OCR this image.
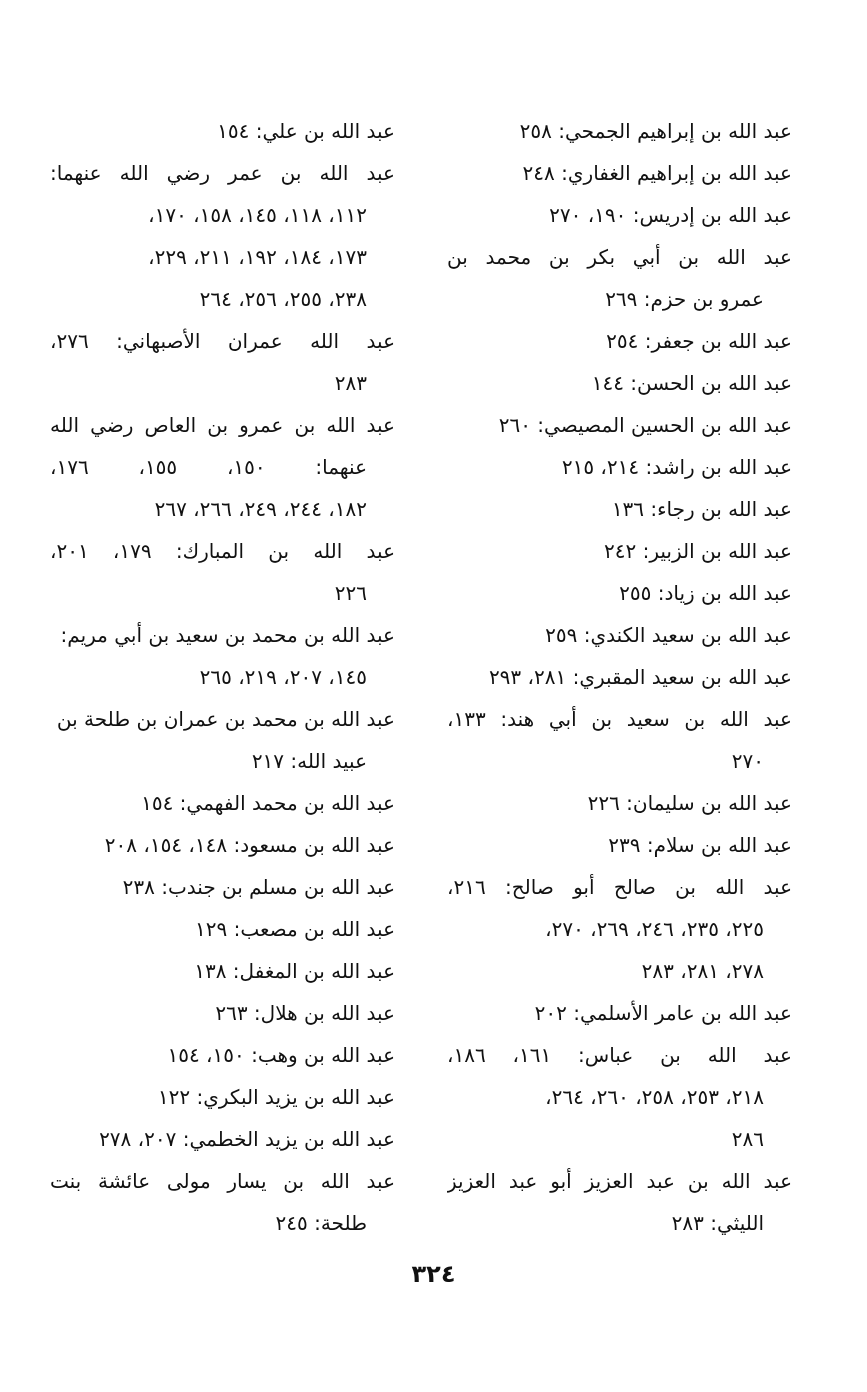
عبد الله بن إبراهيم الجمحي: ٢٥٨
عبد الله بن إبراهيم الغفاري: ٢٤٨
عبد الله بن إدريس: ١٩٠، ٢٧٠
عبد الله بن أبي بكر بن محمد بن
عمرو بن حزم: ٢٦٩
عبد الله بن جعفر: ٢٥٤
عبد الله بن الحسن: ١٤٤
عبد الله بن الحسين المصيصي: ٢٦٠
عبد الله بن راشد: ٢١٤، ٢١٥
عبد الله بن رجاء: ١٣٦
عبد الله بن الزبير: ٢٤٢
عبد الله بن زياد: ٢٥٥
عبد الله بن سعيد الكندي: ٢٥٩
عبد الله بن سعيد المقبري: ٢٨١، ٢٩٣
عبد الله بن سعيد بن أبي هند: ١٣٣،
٢٧٠
عبد الله بن سليمان: ٢٢٦
عبد الله بن سلام: ٢٣٩
عبد الله بن صالح أبو صالح: ٢١٦،
٢٢٥، ٢٣٥، ٢٤٦، ٢٦٩، ٢٧٠،
٢٧٨، ٢٨١، ٢٨٣
عبد الله بن عامر الأسلمي: ٢٠٢
عبد الله بن عباس: ١٦١، ١٨٦،
٢١٨، ٢٥٣، ٢٥٨، ٢٦٠، ٢٦٤،
٢٨٦
عبد الله بن عبد العزيز أبو عبد العزيز
الليثي: ٢٨٣
عبد الله بن علي: ١٥٤
عبد الله بن عمر رضي الله عنهما:
١١٢، ١١٨، ١٤٥، ١٥٨، ١٧٠،
١٧٣، ١٨٤، ١٩٢، ٢١١، ٢٢٩،
٢٣٨، ٢٥٥، ٢٥٦، ٢٦٤
عبد الله عمران الأصبهاني: ٢٧٦،
٢٨٣
عبد الله بن عمرو بن العاص رضي الله
عنهما: ١٥٠، ١٥٥، ١٧٦،
١٨٢، ٢٤٤، ٢٤٩، ٢٦٦، ٢٦٧
عبد الله بن المبارك: ١٧٩، ٢٠١،
٢٢٦
عبد الله بن محمد بن سعيد بن أبي مريم:
١٤٥، ٢٠٧، ٢١٩، ٢٦٥
عبد الله بن محمد بن عمران بن طلحة بن
عبيد الله: ٢١٧
عبد الله بن محمد الفهمي: ١٥٤
عبد الله بن مسعود: ١٤٨، ١٥٤، ٢٠٨
عبد الله بن مسلم بن جندب: ٢٣٨
عبد الله بن مصعب: ١٢٩
عبد الله بن المغفل: ١٣٨
عبد الله بن هلال: ٢٦٣
عبد الله بن وهب: ١٥٠، ١٥٤
عبد الله بن يزيد البكري: ١٢٢
عبد الله بن يزيد الخطمي: ٢٠٧، ٢٧٨
عبد الله بن يسار مولى عائشة بنت
طلحة: ٢٤٥
٣٢٤
